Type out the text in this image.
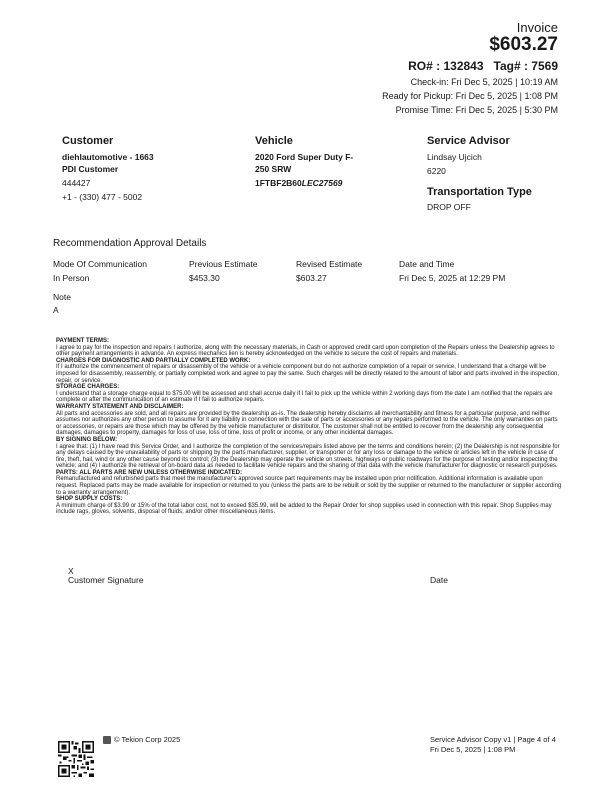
Invoice
$603.27
RO# : 132843   Tag# : 7569
Check-in: Fri Dec 5, 2025 | 10:19 AM
Ready for Pickup: Fri Dec 5, 2025 | 1:08 PM
Promise Time: Fri Dec 5, 2025 | 5:30 PM
Customer
diehlautomotive - 1663
PDI Customer
444427
+1 - (330) 477 - 5002
Vehicle
2020 Ford Super Duty F-
250 SRW
1FTBF2B60LEC27569
Service Advisor
Lindsay Ujcich
6220
Transportation Type
DROP OFF
Recommendation Approval Details
Mode Of Communication	Previous Estimate	Revised Estimate	Date and Time
In Person	$453.30	$603.27	Fri Dec 5, 2025 at 12:29 PM
Note
A

PAYMENT TERMS:

I agree to pay for the inspection and repairs I authorize, along with the necessary materials, in Cash or approved credit card upon completion of the Repairs unless the Dealership agrees to other payment arrangements in advance. An express mechanics lien is hereby acknowledged on the vehicle to secure the cost of repairs and materials.

CHARGES FOR DIAGNOSTIC AND PARTIALLY COMPLETED WORK:

If I authorize the commencement of repairs or disassembly of the vehicle or a vehicle component but do not authorize completion of a repair or service, I understand that a charge will be imposed for disassembly, reassembly, or partially completed work and agree to pay the same. Such charges will be directly related to the amount of labor and parts involved in the inspection, repair, or service.

STORAGE CHARGES:

I understand that a storage charge equal to $75.00 will be assessed and shall accrue daily if I fail to pick up the vehicle within 2 working days from the date I am notified that the repairs are complete or after the communication of an estimate if I fail to authorize repairs.

WARRANTY STATEMENT AND DISCLAIMER:

All parts and accessories are sold, and all repairs are provided by the dealership as-is. The dealership hereby disclaims all merchantability and fitness for a particular purpose, and neither assumes nor authorizes any other person to assume for it any liability in connection with the sale of parts or accessories or any repairs performed to the vehicle. The only warranties on parts or accessories, or repairs are those which may be offered by the vehicle manufacturer or distributor. The customer shall not be entitled to recover from the dealership any consequential damages, damages to property, damages for loss of use, loss of time, loss of profit or income, or any other incidental damages.

BY SIGNING BELOW:

I agree that: (1) I have read this Service Order, and I authorize the completion of the services/repairs listed above per the terms and conditions herein; (2) the Dealership is not responsible for any delays caused by the unavailability of parts or shipping by the parts manufacturer, supplier, or transporter or for any loss or damage to the vehicle or articles left in the vehicle in case of fire, theft, hail, wind or any other cause beyond its control; (3) the Dealership may operate the vehicle on streets, highways or public roadways for the purpose of testing and/or inspecting the vehicle; and (4) I authorize the retrieval of on-board data as needed to facilitate vehicle repairs and the sharing of that data with the vehicle manufacturer for diagnostic or research purposes.

PARTS: ALL PARTS ARE NEW UNLESS OTHERWISE INDICATED:

Remanufactured and refurbished parts that meet the manufacturer's approved source part requirements may be installed upon prior notification. Additional information is available upon request. Replaced parts may be made available for inspection or returned to you (unless the parts are to be rebuilt or sold by the supplier or returned to the manufacturer or supplier according to a warranty arrangement).

SHOP SUPPLY COSTS:

A minimum charge of $3.99 or 15% of the total labor cost, not to exceed $35.99, will be added to the Repair Order for shop supplies used in connection with this repair. Shop Supplies may include rags, gloves, solvents, disposal of fluids, and/or other miscellaneous items.

X
Customer Signature	Date
© Tekion Corp 2025	Service Advisor Copy v1 | Page 4 of 4
Fri Dec 5, 2025 | 1:08 PM
